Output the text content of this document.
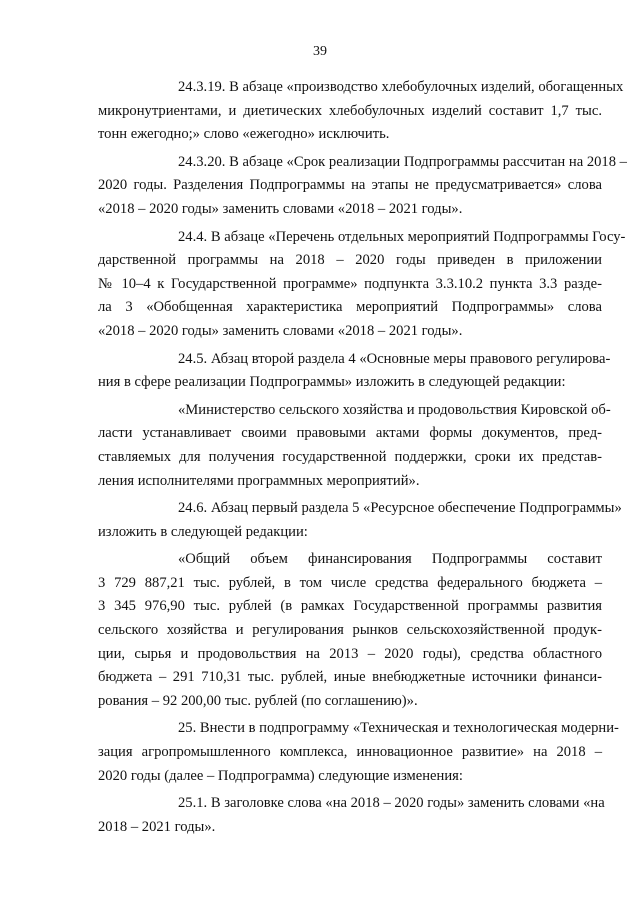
39

24.3.19. В абзаце «производство хлебобулочных изделий, обогащенных
микронутриентами, и диетических хлебобулочных изделий составит 1,7 тыс.
тонн ежегодно;» слово «ежегодно» исключить.

24.3.20. В абзаце «Срок реализации Подпрограммы рассчитан на 2018 –
2020 годы. Разделения Подпрограммы на этапы не предусматривается» слова
«2018 – 2020 годы» заменить словами «2018 – 2021 годы».

24.4. В абзаце «Перечень отдельных мероприятий Подпрограммы Госу-
дарственной программы на 2018 – 2020 годы приведен в приложении
№ 10–4 к Государственной программе» подпункта 3.3.10.2 пункта 3.3 разде-
ла 3 «Обобщенная характеристика мероприятий Подпрограммы» слова
«2018 – 2020 годы» заменить словами «2018 – 2021 годы».

24.5. Абзац второй раздела 4 «Основные меры правового регулирова-
ния в сфере реализации Подпрограммы» изложить в следующей редакции:

«Министерство сельского хозяйства и продовольствия Кировской об-
ласти устанавливает своими правовыми актами формы документов, пред-
ставляемых для получения государственной поддержки, сроки их представ-
ления исполнителями программных мероприятий».

24.6. Абзац первый раздела 5 «Ресурсное обеспечение Подпрограммы»
изложить в следующей редакции:

«Общий объем финансирования Подпрограммы составит
3 729 887,21 тыс. рублей, в том числе средства федерального бюджета –
3 345 976,90 тыс. рублей (в рамках Государственной программы развития
сельского хозяйства и регулирования рынков сельскохозяйственной продук-
ции, сырья и продовольствия на 2013 – 2020 годы), средства областного
бюджета – 291 710,31 тыс. рублей, иные внебюджетные источники финанси-
рования – 92 200,00 тыс. рублей (по соглашению)».

25. Внести в подпрограмму «Техническая и технологическая модерни-
зация агропромышленного комплекса, инновационное развитие» на 2018 –
2020 годы (далее – Подпрограмма) следующие изменения:

25.1. В заголовке слова «на 2018 – 2020 годы» заменить словами «на
2018 – 2021 годы».
